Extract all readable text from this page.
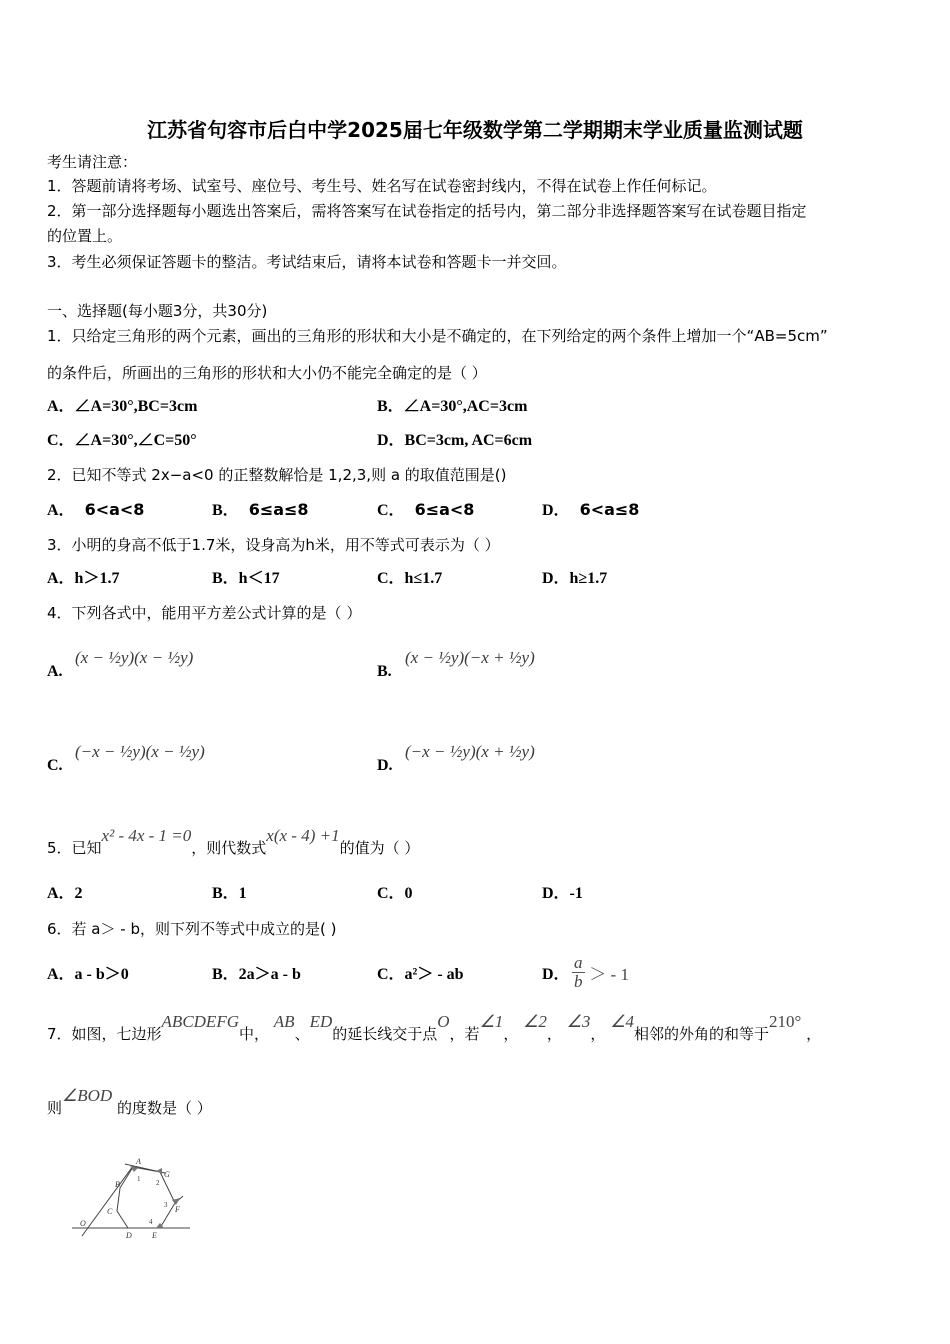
江苏省句容市后白中学2025届七年级数学第二学期期末学业质量监测试题
考生请注意：
1．答题前请将考场、试室号、座位号、考生号、姓名写在试卷密封线内，不得在试卷上作任何标记。
2．第一部分选择题每小题选出答案后，需将答案写在试卷指定的括号内，第二部分非选择题答案写在试卷题目指定
的位置上。
3．考生必须保证答题卡的整洁。考试结束后，请将本试卷和答题卡一并交回。
一、选择题(每小题3分，共30分)
1．只给定三角形的两个元素，画出的三角形的形状和大小是不确定的，在下列给定的两个条件上增加一个“AB=5cm”
的条件后，所画出的三角形的形状和大小仍不能完全确定的是（ ）
A．∠A=30°,BC=3cm	B．∠A=30°,AC=3cm
C．∠A=30°,∠C=50°	D．BC=3cm, AC=6cm
2．已知不等式 2x−a<0 的正整数解恰是 1,2,3,则 a 的取值范围是()
A． 6<a<8	B． 6≤a≤8	C． 6≤a<8	D． 6<a≤8
3．小明的身高不低于1.7米，设身高为h米，用不等式可表示为（ ）
A．h＞1.7	B．h＜17	C．h≤1.7	D．h≥1.7
4．下列各式中，能用平方差公式计算的是（ ）
A.
(x − ½y)(x − ½y)
B.
(x − ½y)(−x + ½y)
C.
(−x − ½y)(x − ½y)
D.
(−x − ½y)(x + ½y)
5．已知x² - 4x - 1 =0，则代数式x(x - 4) +1的值为（ ）
A．2	B．1	C．0	D．-1
6．若 a＞ - b，则下列不等式中成立的是( )
A．a - b＞0	B．2a＞a - b	C．a²＞ - ab	D． $\frac{a}{b}$ ＞ - 1
7．如图，七边形ABCDEFG中， AB、ED的延长线交于点O，若∠1， ∠2， ∠3， ∠4相邻的外角的和等于210° ，
则∠BOD 的度数是（ ）
A
B
C
D	E
F
G
O
1 2
3
4
